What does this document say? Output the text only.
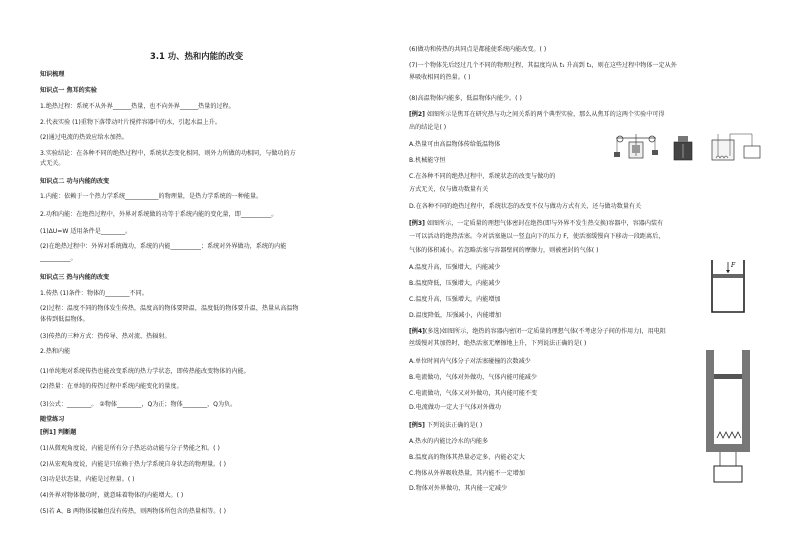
3.1 功、热和内能的改变
知识梳理
知识点一 焦耳的实验
1.绝热过程：系统不从外界______热量，也不向外界______热量的过程。
2.代表实验 (1)重物下落带动叶片搅拌容器中的水，引起水温上升。
(2)通过电流的热效应给水加热。
3.实验结论：在各种不同的绝热过程中，系统状态变化相同，则外力所做的功相同，与做功的方
式无关。
知识点二 功与内能的改变
1.内能：依赖于一个热力学系统___________的物理量，是热力学系统的一种能量。
2.功和内能：在绝热过程中，外界对系统做的功等于系统内能的变化量，即__________。
(1)ΔU=W 适用条件是________。
(2)在绝热过程中：外界对系统做功，系统的内能__________；系统对外界做功，系统的内能
__________。
知识点三 热与内能的改变
1.传热 (1)条件：物体的________不同。
(2)过程：温度不同的物体发生传热，温度高的物体要降温，温度低的物体要升温，热量从高温物
体传到低温物体。
(3)传热的三种方式：热传导、热对流、热辐射。
2.热和内能
(1)单纯地对系统传热也能改变系统的热力学状态，即传热能改变物体的内能。
(2)热量：在单纯的传热过程中系统内能变化的量度。
(3)公式：________。 ②物体________，Q为正；物体________，Q为负。
随堂练习
[例1] 判断题
(1)从微观角度说，内能是所有分子热运动动能与分子势能之和。( )
(2)从宏观角度说，内能是只依赖于热力学系统自身状态的物理量。( )
(3)功是状态量，内能是过程量。( )
(4)外界对物体做功时，就意味着物体的内能增大。( )
(5)若 A、B 两物体接触但没有传热，则两物体所包含的热量相等。( )
(6)做功和传热的共同点是都能使系统内能改变。( )
(7)一个物体先后经过几个不同的物理过程，其温度均从 t₁ 升高到 t₂，则在这些过程中物体一定从外
界吸收相同的热量。( )
(8)高温物体内能多，低温物体内能少。( )
[例2] 如图所示是焦耳在研究热与功之间关系的两个典型实验，那么从焦耳的这两个实验中可得
出的结论是( )
A.热量可由高温物体传给低温物体
B.机械能守恒
C.在各种不同的绝热过程中，系统状态的改变与做功的
方式无关，仅与做功数量有关
D.在各种不同的绝热过程中，系统状态的改变不仅与做功方式有关，还与做功数量有关
[例3] 如图所示，一定质量的理想气体密封在绝热(即与外界不发生热交换)容器中，容器内装有
一可以活动的绝热活塞。今对活塞施以一竖直向下的压力 F，使活塞缓慢向下移动一段距离后，
气体的体积减小。若忽略活塞与容器壁间的摩擦力，则被密封的气体( )
A.温度升高，压强增大，内能减少
B.温度降低，压强增大，内能减少
C.温度升高，压强增大，内能增加
D.温度降低，压强减小，内能增加
[例4](多选)如图所示，绝热的容器内密闭一定质量的理想气体(不考虑分子间的作用力)，用电阻
丝缓慢对其加热时，绝热活塞无摩擦地上升，下列说法正确的是( )
A.单位时间内气体分子对活塞碰撞的次数减少
B.电流做功，气体对外做功，气体内能可能减少
C.电流做功，气体又对外做功，其内能可能不变
D.电流做功一定大于气体对外做功
[例5] 下列说法正确的是( )
A.热水的内能比冷水的内能多
B.温度高的物体其热量必定多，内能必定大
C.物体从外界吸收热量，其内能不一定增加
D.物体对外界做功，其内能一定减少
F
